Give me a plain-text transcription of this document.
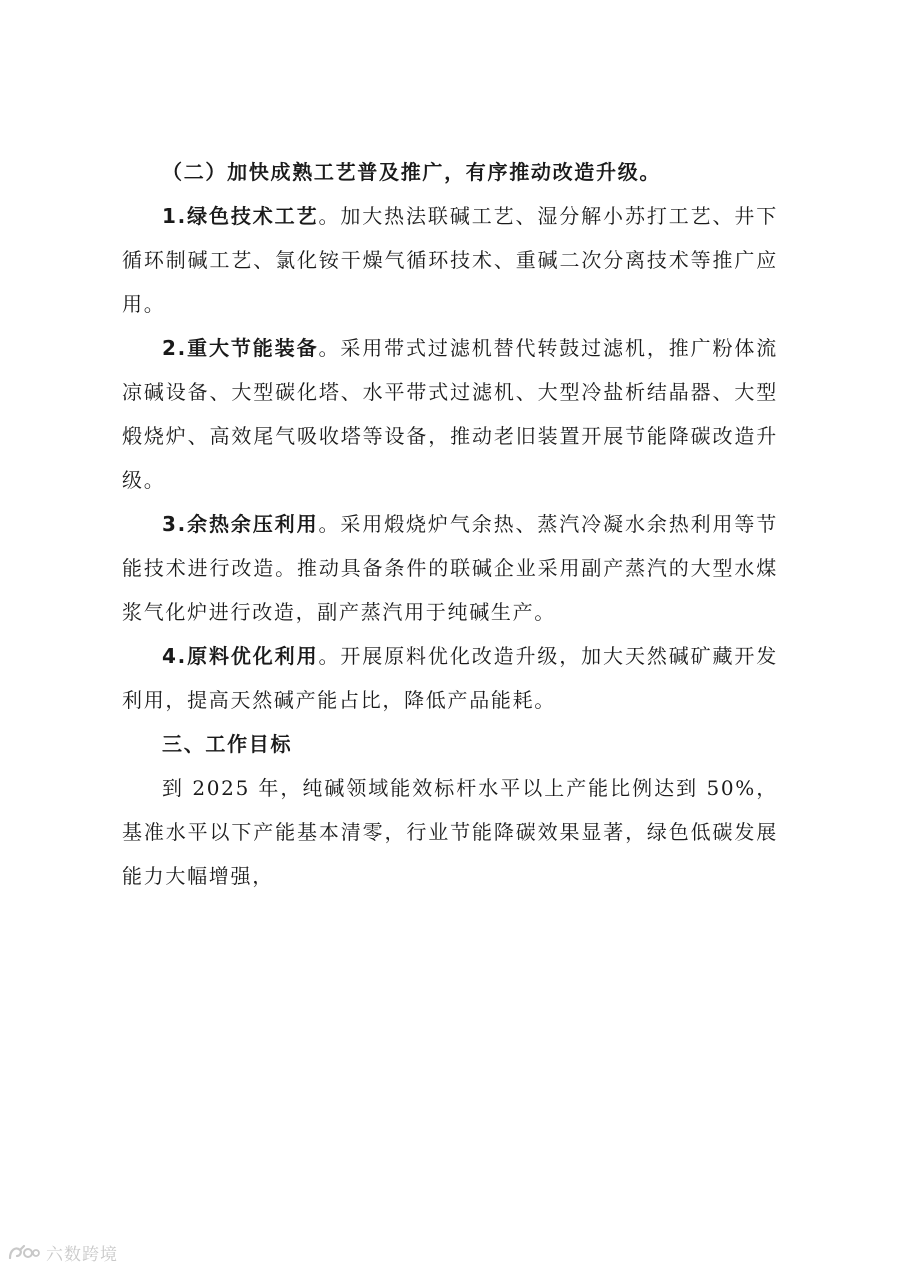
（二）加快成熟工艺普及推广，有序推动改造升级。

1.绿色技术工艺。加大热法联碱工艺、湿分解小苏打工艺、井下循环制碱工艺、氯化铵干燥气循环技术、重碱二次分离技术等推广应用。

2.重大节能装备。采用带式过滤机替代转鼓过滤机，推广粉体流凉碱设备、大型碳化塔、水平带式过滤机、大型冷盐析结晶器、大型煅烧炉、高效尾气吸收塔等设备，推动老旧装置开展节能降碳改造升级。

3.余热余压利用。采用煅烧炉气余热、蒸汽冷凝水余热利用等节能技术进行改造。推动具备条件的联碱企业采用副产蒸汽的大型水煤浆气化炉进行改造，副产蒸汽用于纯碱生产。

4.原料优化利用。开展原料优化改造升级，加大天然碱矿藏开发利用，提高天然碱产能占比，降低产品能耗。

三、工作目标

到 2025 年，纯碱领域能效标杆水平以上产能比例达到 50%，基准水平以下产能基本清零，行业节能降碳效果显著，绿色低碳发展能力大幅增强，

六数跨境
